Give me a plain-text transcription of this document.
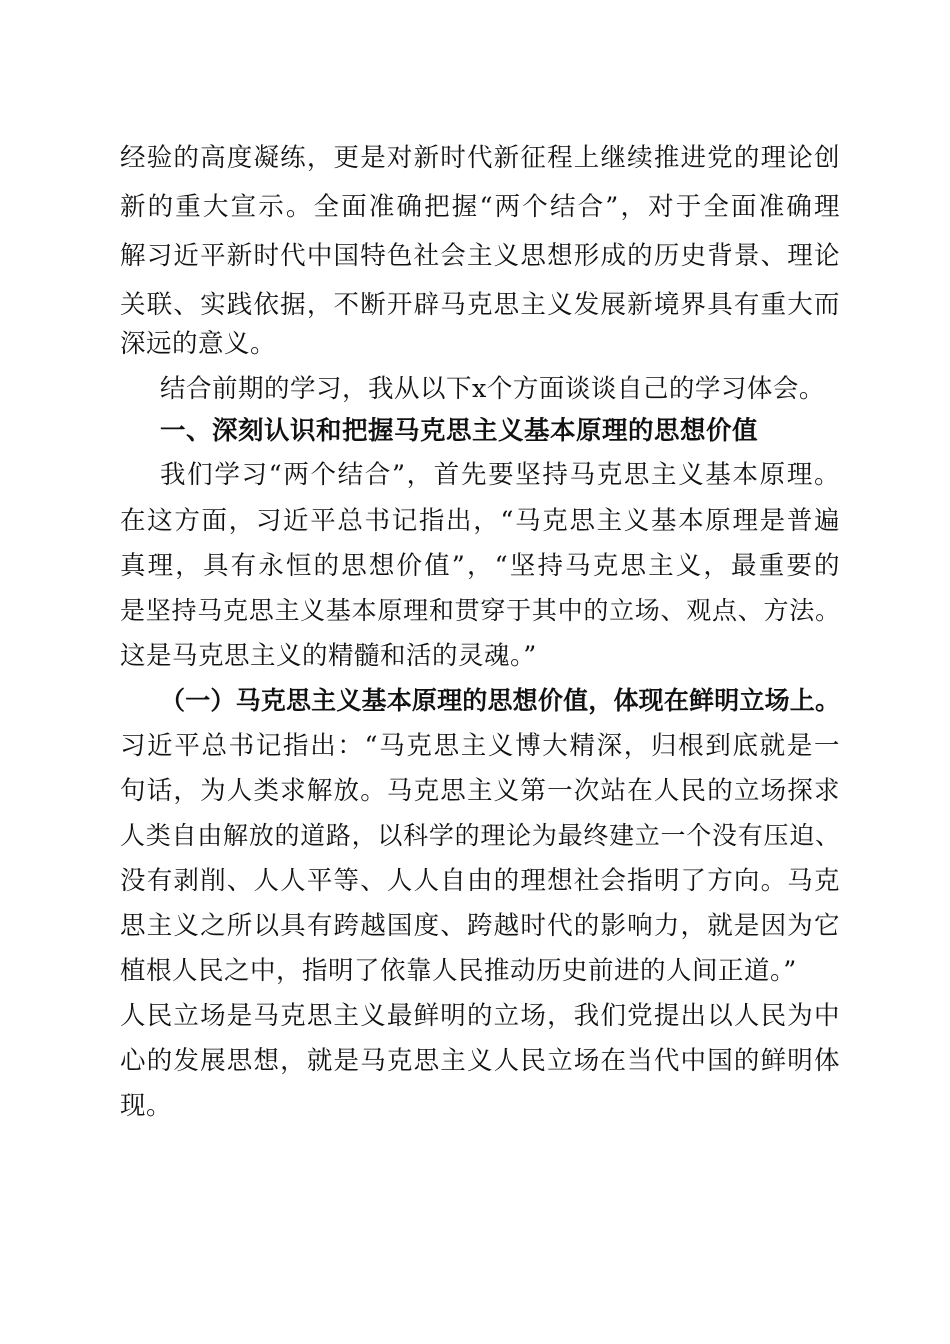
经验的高度凝练，更是对新时代新征程上继续推进党的理论创
新的重大宣示。全面准确把握“两个结合”，对于全面准确理
解习近平新时代中国特色社会主义思想形成的历史背景、理论
关联、实践依据，不断开辟马克思主义发展新境界具有重大而
深远的意义。
结合前期的学习，我从以下x个方面谈谈自己的学习体会。
一、深刻认识和把握马克思主义基本原理的思想价值
我们学习“两个结合”，首先要坚持马克思主义基本原理。
在这方面，习近平总书记指出，“马克思主义基本原理是普遍
真理，具有永恒的思想价值”，“坚持马克思主义，最重要的
是坚持马克思主义基本原理和贯穿于其中的立场、观点、方法。
这是马克思主义的精髓和活的灵魂。”
（一）马克思主义基本原理的思想价值，体现在鲜明立场上。
习近平总书记指出：“马克思主义博大精深，归根到底就是一
句话，为人类求解放。马克思主义第一次站在人民的立场探求
人类自由解放的道路，以科学的理论为最终建立一个没有压迫、
没有剥削、人人平等、人人自由的理想社会指明了方向。马克
思主义之所以具有跨越国度、跨越时代的影响力，就是因为它
植根人民之中，指明了依靠人民推动历史前进的人间正道。”
人民立场是马克思主义最鲜明的立场，我们党提出以人民为中
心的发展思想，就是马克思主义人民立场在当代中国的鲜明体
现。
